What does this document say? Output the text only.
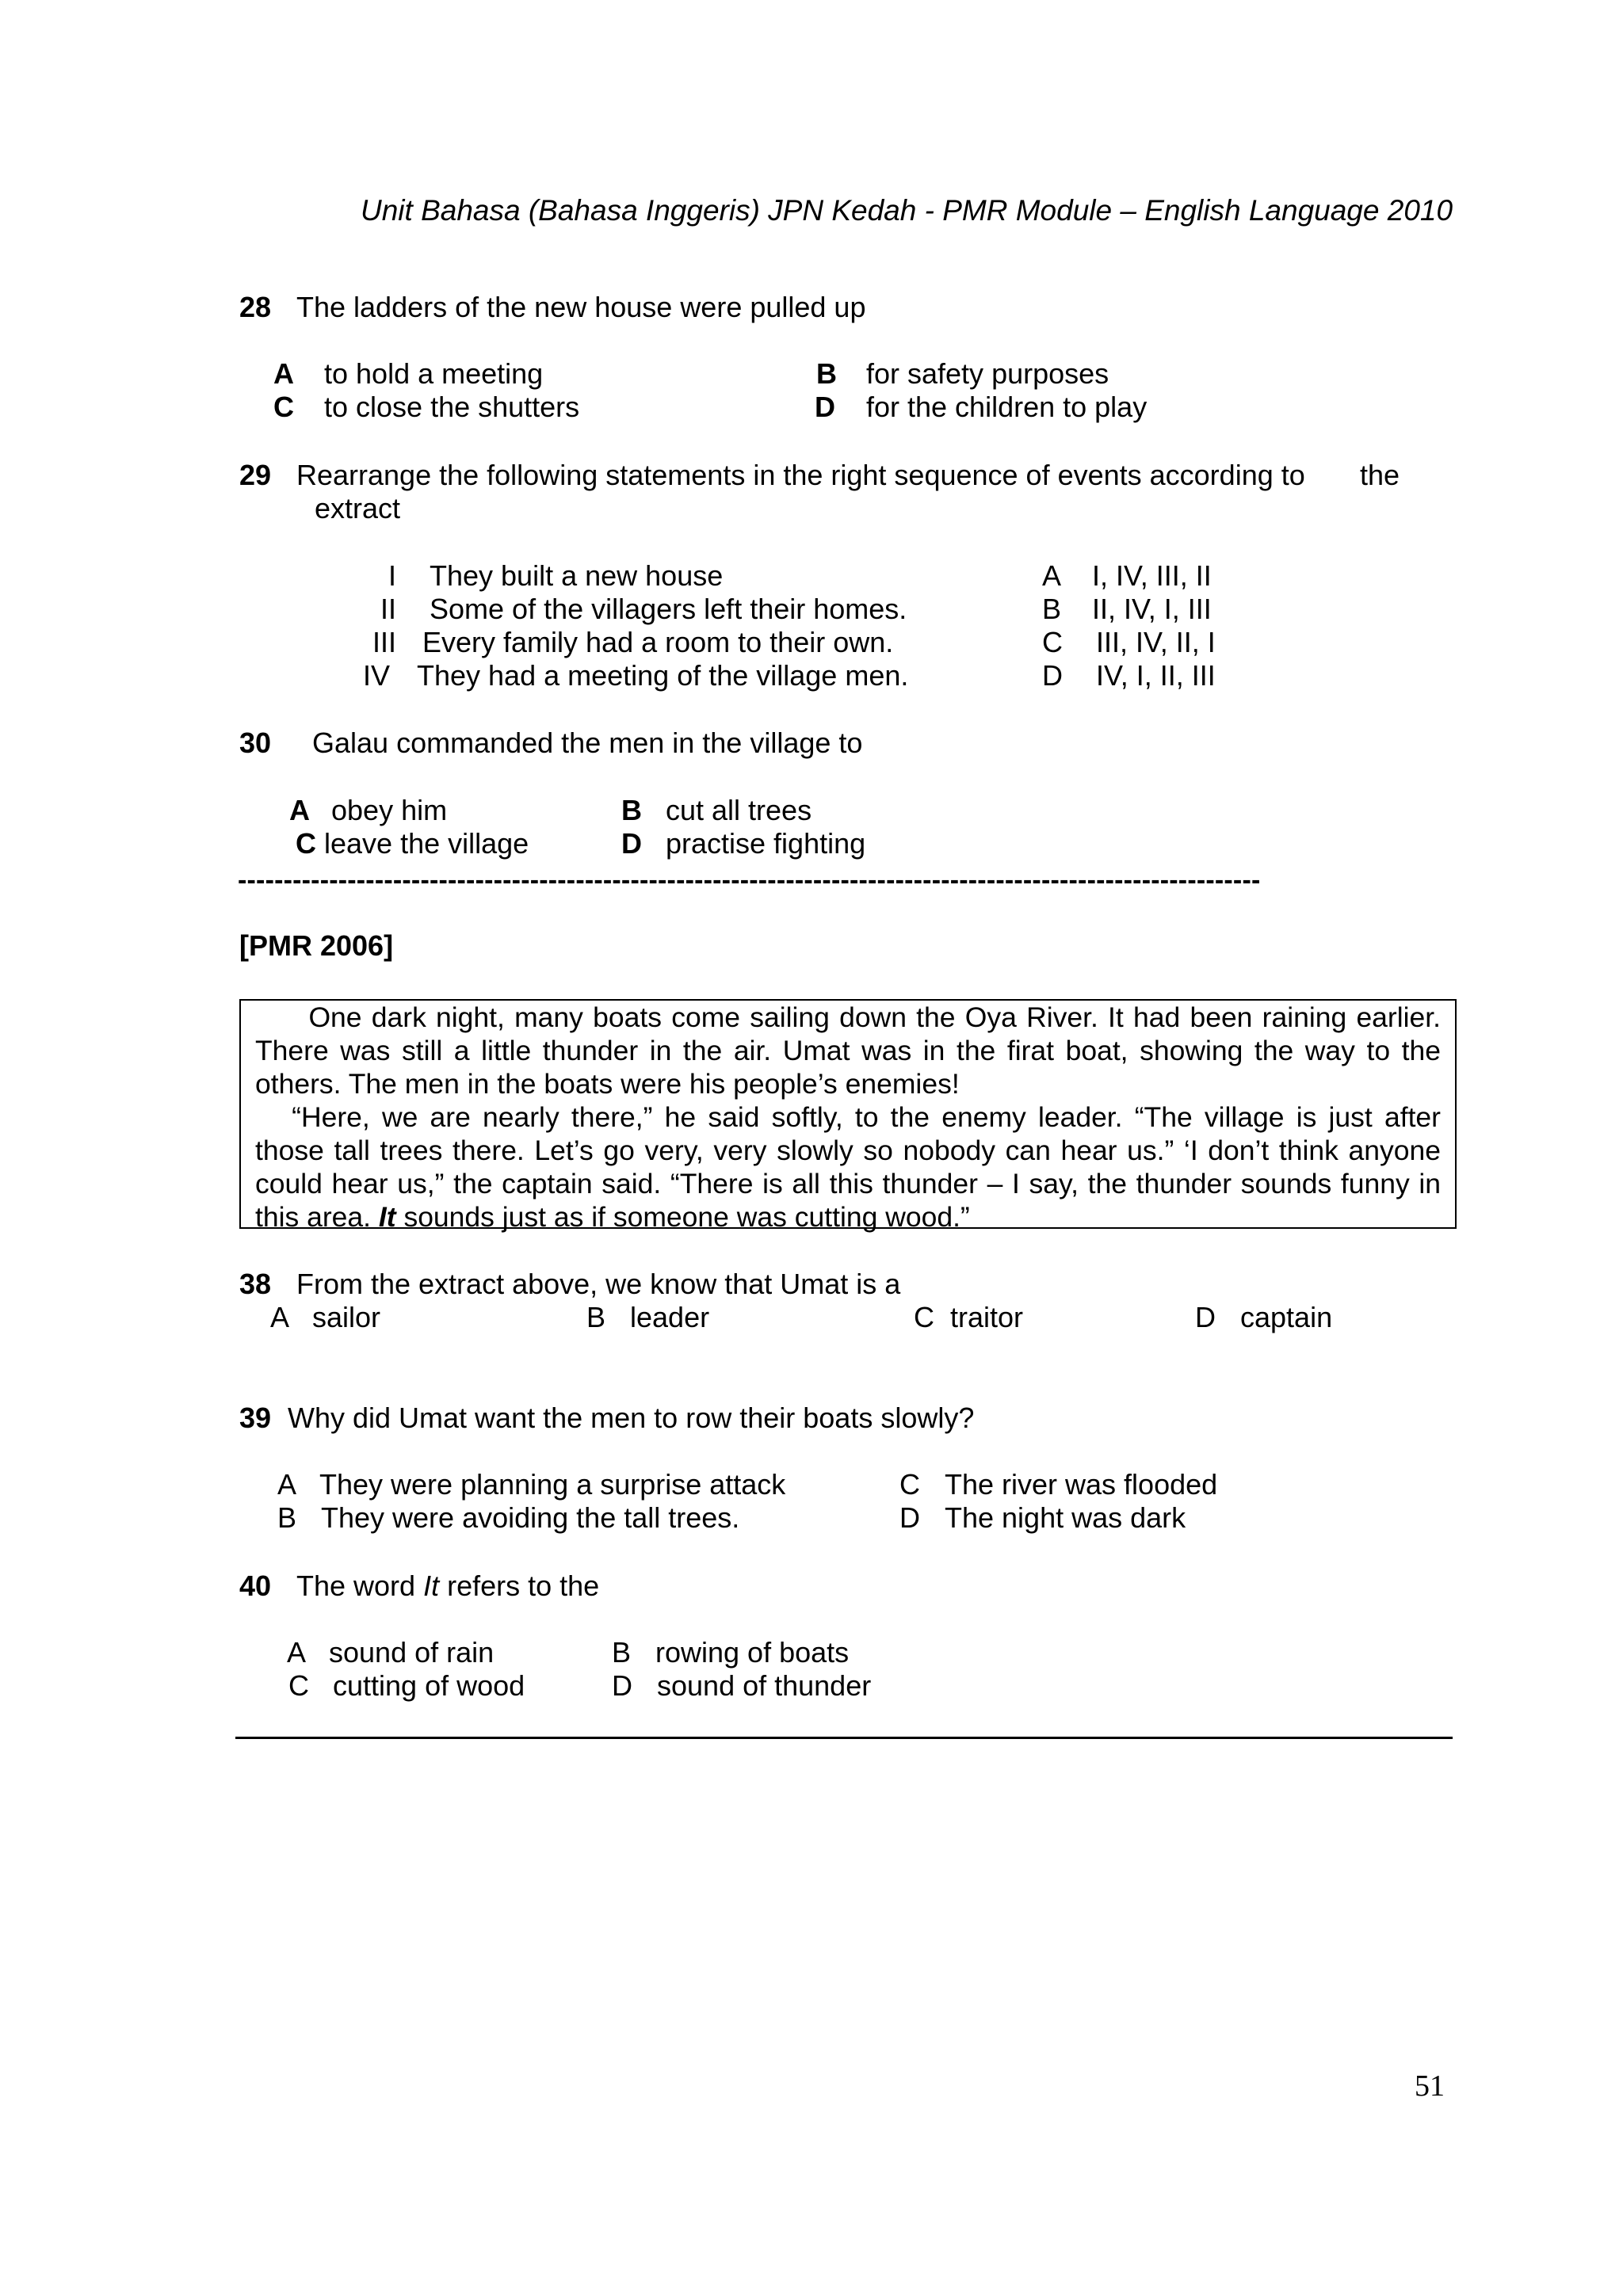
Unit Bahasa (Bahasa Inggeris) JPN Kedah - PMR Module – English Language 2010
28 The ladders of the new house were pulled up
A to hold a meeting	B for safety purposes
C to close the shutters	D for the children to play
29 Rearrange the following statements in the right sequence of events according to the
extract
I They built a new house
II Some of the villagers left their homes.
III Every family had a room to their own.
IV They had a meeting of the village men.
A I, IV, III, II
B II, IV, I, III
C III, IV, II, I
D IV, I, II, III
30 Galau commanded the men in the village to
A obey him	B cut all trees
C leave the village	D practise fighting
----------------------------------------------------------------------------------------------------------------
[PMR 2006]

One dark night, many boats come sailing down the Oya River. It had been raining earlier. There was still a little thunder in the air. Umat was in the firat boat, showing the way to the others. The men in the boats were his people’s enemies!

“Here, we are nearly there,” he said softly, to the enemy leader. “The village is just after those tall trees there. Let’s go very, very slowly so nobody can hear us.” ‘I don’t think anyone could hear us,” the captain said. “There is all this thunder – I say, the thunder sounds funny in this area. It sounds just as if someone was cutting wood.”

38 From the extract above, we know that Umat is a
A sailor	B leader	C traitor	D captain
39 Why did Umat want the men to row their boats slowly?
A They were planning a surprise attack
B They were avoiding the tall trees.
C The river was flooded
D The night was dark
40 The word It refers to the
A sound of rain	B rowing of boats
C cutting of wood	D sound of thunder
51
